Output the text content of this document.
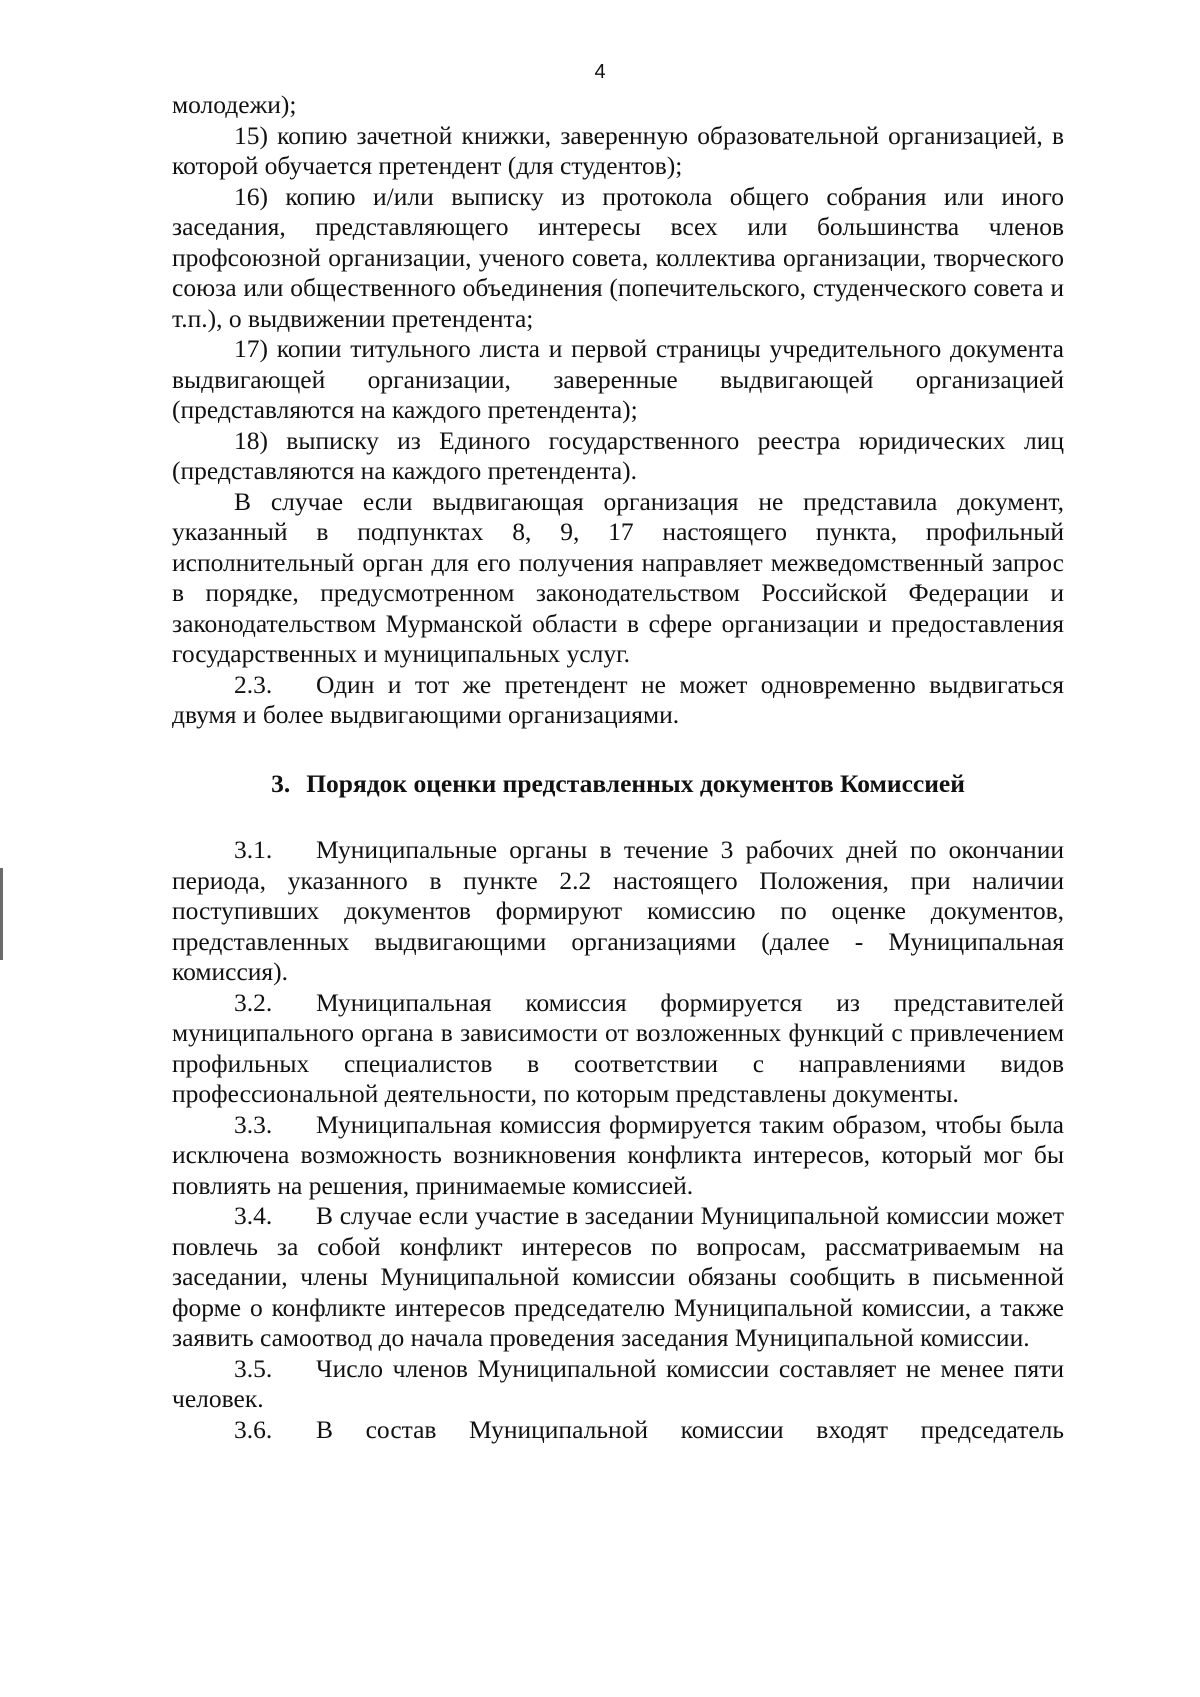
4

молодежи);

15) копию зачетной книжки, заверенную образовательной организацией, в которой обучается претендент (для студентов);

16) копию и/или выписку из протокола общего собрания или иного заседания, представляющего интересы всех или большинства членов профсоюзной организации, ученого совета, коллектива организации, творческого союза или общественного объединения (попечительского, студенческого совета и т.п.), о выдвижении претендента;

17) копии титульного листа и первой страницы учредительного документа выдвигающей организации, заверенные выдвигающей организацией (представляются на каждого претендента);

18) выписку из Единого государственного реестра юридических лиц (представляются на каждого претендента).

В случае если выдвигающая организация не представила документ, указанный в подпунктах 8, 9, 17 настоящего пункта, профильный исполнительный орган для его получения направляет межведомственный запрос в порядке, предусмотренном законодательством Российской Федерации и законодательством Мурманской области в сфере организации и предоставления государственных и муниципальных услуг.

2.3. Один и тот же претендент не может одновременно выдвигаться двумя и более выдвигающими организациями.

3. Порядок оценки представленных документов Комиссией

3.1. Муниципальные органы в течение 3 рабочих дней по окончании периода, указанного в пункте 2.2 настоящего Положения, при наличии поступивших документов формируют комиссию по оценке документов, представленных выдвигающими организациями (далее - Муниципальная комиссия).

3.2. Муниципальная комиссия формируется из представителей муниципального органа в зависимости от возложенных функций с привлечением профильных специалистов в соответствии с направлениями видов профессиональной деятельности, по которым представлены документы.

3.3. Муниципальная комиссия формируется таким образом, чтобы была исключена возможность возникновения конфликта интересов, который мог бы повлиять на решения, принимаемые комиссией.

3.4. В случае если участие в заседании Муниципальной комиссии может повлечь за собой конфликт интересов по вопросам, рассматриваемым на заседании, члены Муниципальной комиссии обязаны сообщить в письменной форме о конфликте интересов председателю Муниципальной комиссии, а также заявить самоотвод до начала проведения заседания Муниципальной комиссии.

3.5. Число членов Муниципальной комиссии составляет не менее пяти человек.

3.6. В состав Муниципальной комиссии входят председатель
